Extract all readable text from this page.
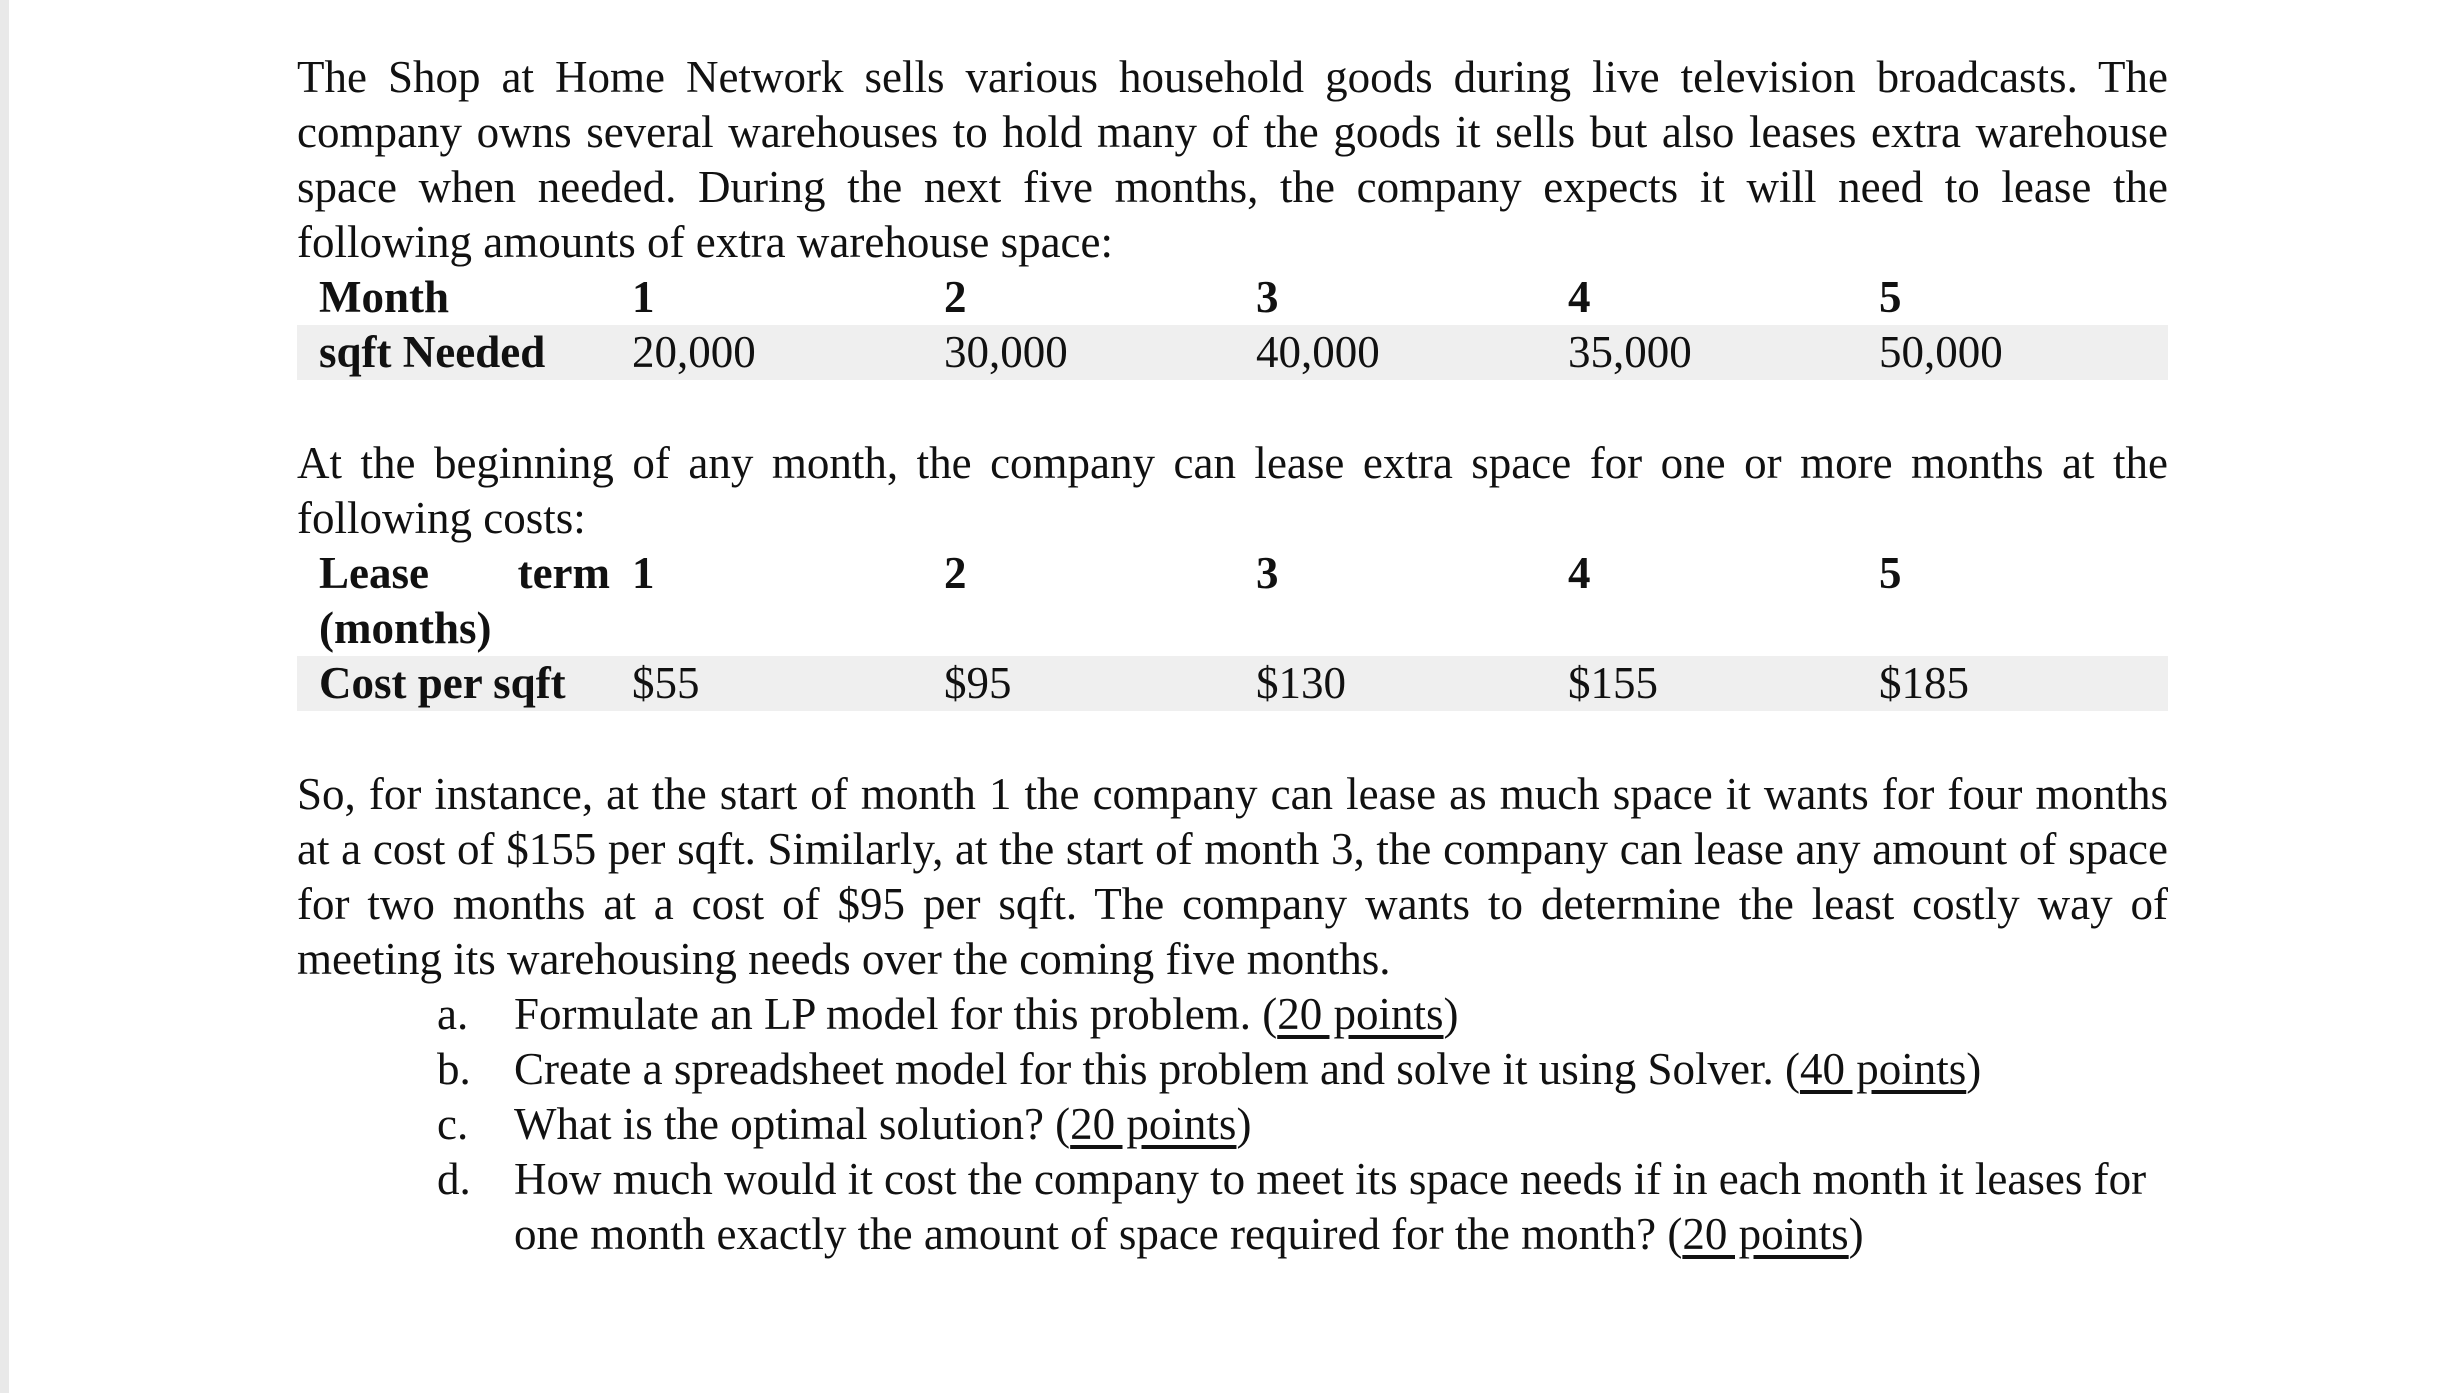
The Shop at Home Network sells various household goods during live television broadcasts. The company owns several warehouses to hold many of the goods it sells but also leases extra warehouse space when needed. During the next five months, the company expects it will need to lease the following amounts of extra warehouse space:

Month	1	2	3	4	5
sqft Needed	20,000	30,000	40,000	35,000	50,000

At the beginning of any month, the company can lease extra space for one or more months at the following costs:

Lease term
(months)	1	2	3	4	5
Cost per sqft	$55	$95	$130	$155	$185

So, for instance, at the start of month 1 the company can lease as much space it wants for four months at a cost of $155 per sqft. Similarly, at the start of month 3, the company can lease any amount of space for two months at a cost of $95 per sqft. The company wants to determine the least costly way of meeting its warehousing needs over the coming five months.

a. Formulate an LP model for this problem. (20 points)
b. Create a spreadsheet model for this problem and solve it using Solver. (40 points)
c. What is the optimal solution? (20 points)
d. How much would it cost the company to meet its space needs if in each month it leases for one month exactly the amount of space required for the month? (20 points)
